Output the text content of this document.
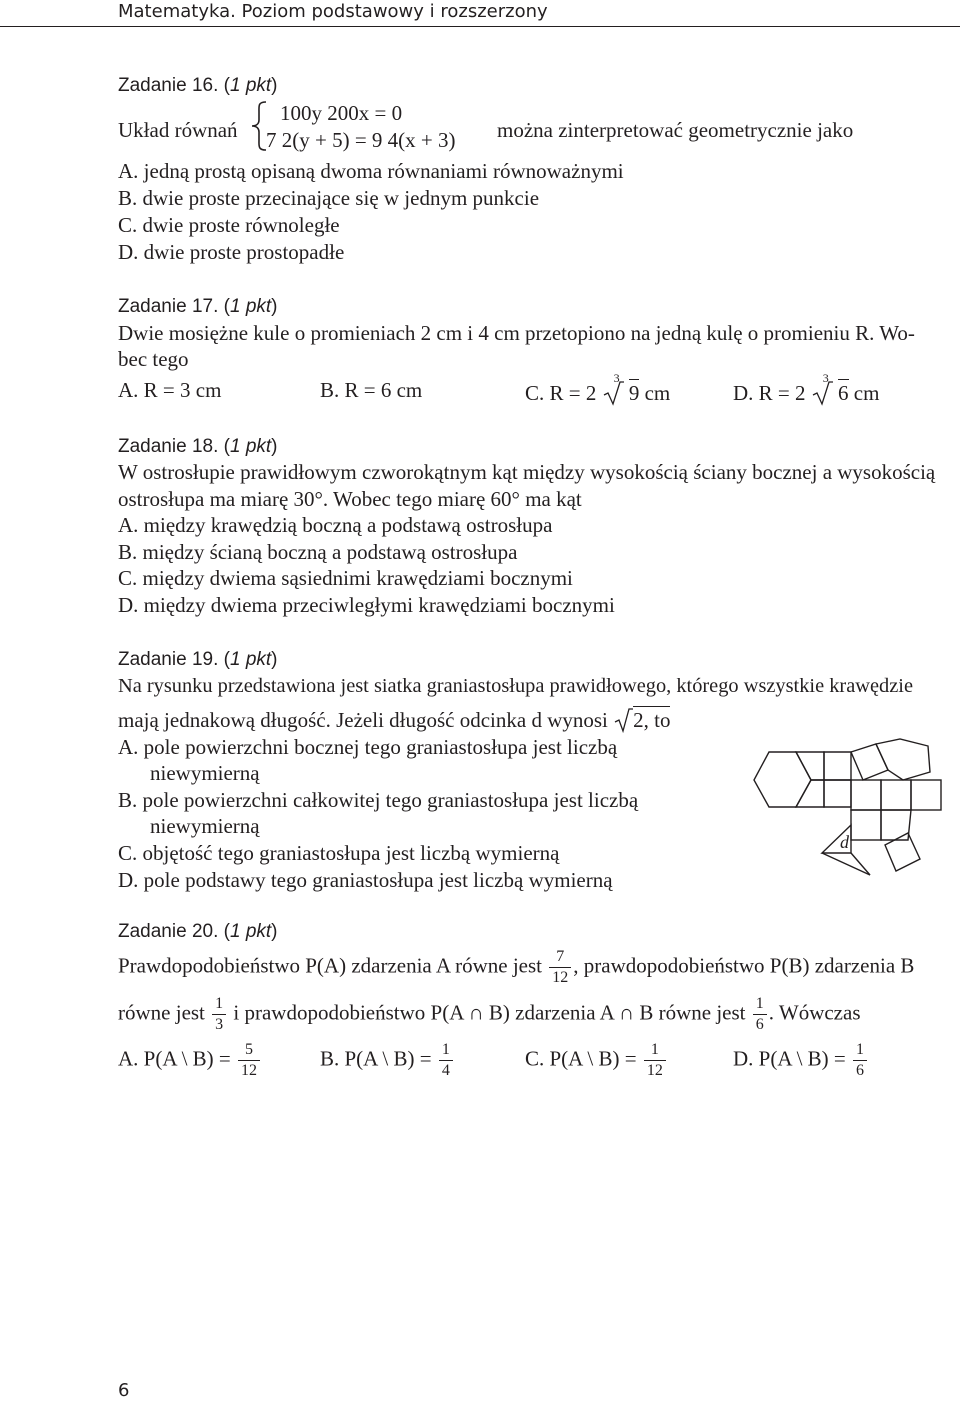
Matematyka. Poziom podstawowy i rozszerzony
Zadanie 16. (1 pkt)
Układ równań
100y 200x = 0
7 2(y + 5) = 9 4(x + 3) można zinterpretować geometrycznie jako
A. jedną prostą opisaną dwoma równaniami równoważnymi
B. dwie proste przecinające się w jednym punkcie
C. dwie proste równoległe
D. dwie proste prostopadłe
Zadanie 17. (1 pkt)
Dwie mosiężne kule o promieniach 2 cm i 4 cm przetopiono na jedną kulę o promieniu R. Wo-
bec tego
A. R = 3 cm	B. R = 6 cm	C. R = 2
3
9 cm	D. R = 2
3
6 cm
Zadanie 18. (1 pkt)
W ostrosłupie prawidłowym czworokątnym kąt między wysokością ściany bocznej a wysokością
ostrosłupa ma miarę 30°. Wobec tego miarę 60° ma kąt
A. między krawędzią boczną a podstawą ostrosłupa
B. między ścianą boczną a podstawą ostrosłupa
C. między dwiema sąsiednimi krawędziami bocznymi
D. między dwiema przeciwległymi krawędziami bocznymi
Zadanie 19. (1 pkt)
Na rysunku przedstawiona jest siatka graniastosłupa prawidłowego, którego wszystkie krawędzie
mają jednakową długość. Jeżeli długość odcinka d wynosi 2, to
A. pole powierzchni bocznej tego graniastosłupa jest liczbą
niewymierną
B. pole powierzchni całkowitej tego graniastosłupa jest liczbą
niewymierną
C. objętość tego graniastosłupa jest liczbą wymierną
D. pole podstawy tego graniastosłupa jest liczbą wymierną
d
Zadanie 20. (1 pkt)
Prawdopodobieństwo P(A) zdarzenia A równe jest $\frac{7}{12}$ , prawdopodobieństwo P(B) zdarzenia B
równe jest $\frac{1}{3}$ i prawdopodobieństwo P(A ∩ B) zdarzenia A ∩ B równe jest $\frac{1}{6}$ . Wówczas
A. P(A \ $B) = \frac{5}{12}$	B. P(A \ $B) = \frac{1}{4}$	C. P(A \ $B) = \frac{1}{12}$	D. P(A \ $B) = \frac{1}{6}$
6
